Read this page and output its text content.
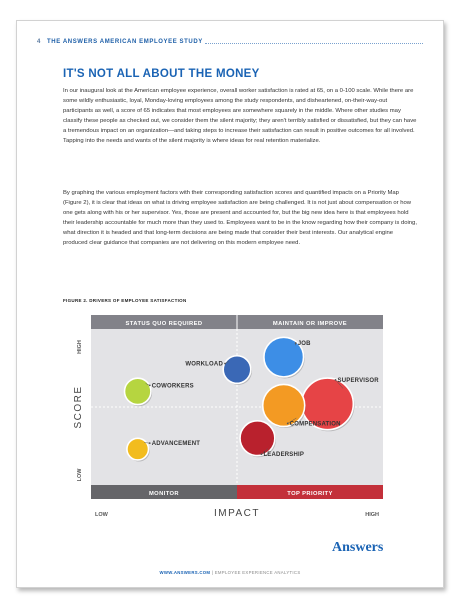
4 THE ANSWERS AMERICAN EMPLOYEE STUDY
IT'S NOT ALL ABOUT THE MONEY

In our inaugural look at the American employee experience, overall worker satisfaction is rated at 65, on a 0-100 scale. While there are some wildly enthusiastic, loyal, Monday-loving employees among the study respondents, and disheartened, on-their-way-out participants as well, a score of 65 indicates that most employees are somewhere squarely in the middle. Where other studies may classify these people as checked out, we consider them the silent majority; they aren't terribly satisfied or dissatisfied, but they can have a tremendous impact on an organization—and taking steps to increase their satisfaction can result in positive outcomes for all involved. Tapping into the needs and wants of the silent majority is where ideas for real retention materialize.

By graphing the various employment factors with their corresponding satisfaction scores and quantified impacts on a Priority Map (Figure 2), it is clear that ideas on what is driving employee satisfaction are being challenged. It is not just about compensation or how one gets along with his or her supervisor. Yes, those are present and accounted for, but the big new idea here is that employees hold their leadership accountable for much more than they used to. Employees want to be in the know regarding how their company is doing, what direction it is headed and that long-term decisions are being made that consider their best interests. Our analytical engine produced clear guidance that companies are not delivering on this modern employee need.

FIGURE 2. DRIVERS OF EMPLOYEE SATISFACTION
STATUS QUO REQUIRED	MAINTAIN OR IMPROVE
MONITOR	TOP PRIORITY
IMPACT
LOW	HIGH
SCORE
HIGH
LOW
JOB
WORKLOAD
COWORKERS
SUPERVISOR
COMPENSATION
LEADERSHIP
ADVANCEMENT
Answers
WWW.ANSWERS.COM | EMPLOYEE EXPERIENCE ANALYTICS
